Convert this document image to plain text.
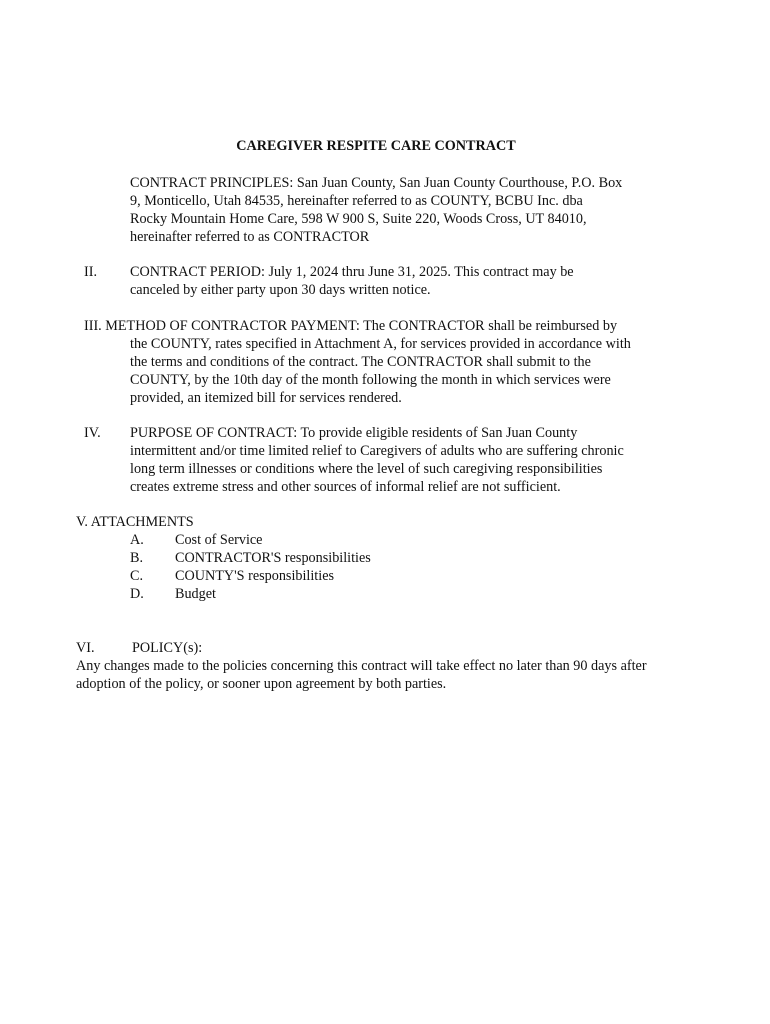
CAREGIVER RESPITE CARE CONTRACT

CONTRACT PRINCIPLES: San Juan County, San Juan County Courthouse, P.O. Box

9, Monticello, Utah 84535, hereinafter referred to as COUNTY, BCBU Inc. dba

Rocky Mountain Home Care, 598 W 900 S, Suite 220, Woods Cross, UT 84010,

hereinafter referred to as CONTRACTOR

II. CONTRACT PERIOD: July 1, 2024 thru June 31, 2025. This contract may be

canceled by either party upon 30 days written notice.

III. METHOD OF CONTRACTOR PAYMENT: The CONTRACTOR shall be reimbursed by

the COUNTY, rates specified in Attachment A, for services provided in accordance with

the terms and conditions of the contract. The CONTRACTOR shall submit to the

COUNTY, by the 10th day of the month following the month in which services were

provided, an itemized bill for services rendered.

IV. PURPOSE OF CONTRACT: To provide eligible residents of San Juan County

intermittent and/or time limited relief to Caregivers of adults who are suffering chronic

long term illnesses or conditions where the level of such caregiving responsibilities

creates extreme stress and other sources of informal relief are not sufficient.

V. ATTACHMENTS

A. Cost of Service

B. CONTRACTOR'S responsibilities

C. COUNTY'S responsibilities

D. Budget

VI.	POLICY(s):

Any changes made to the policies concerning this contract will take effect no later than 90 days after

adoption of the policy, or sooner upon agreement by both parties.
